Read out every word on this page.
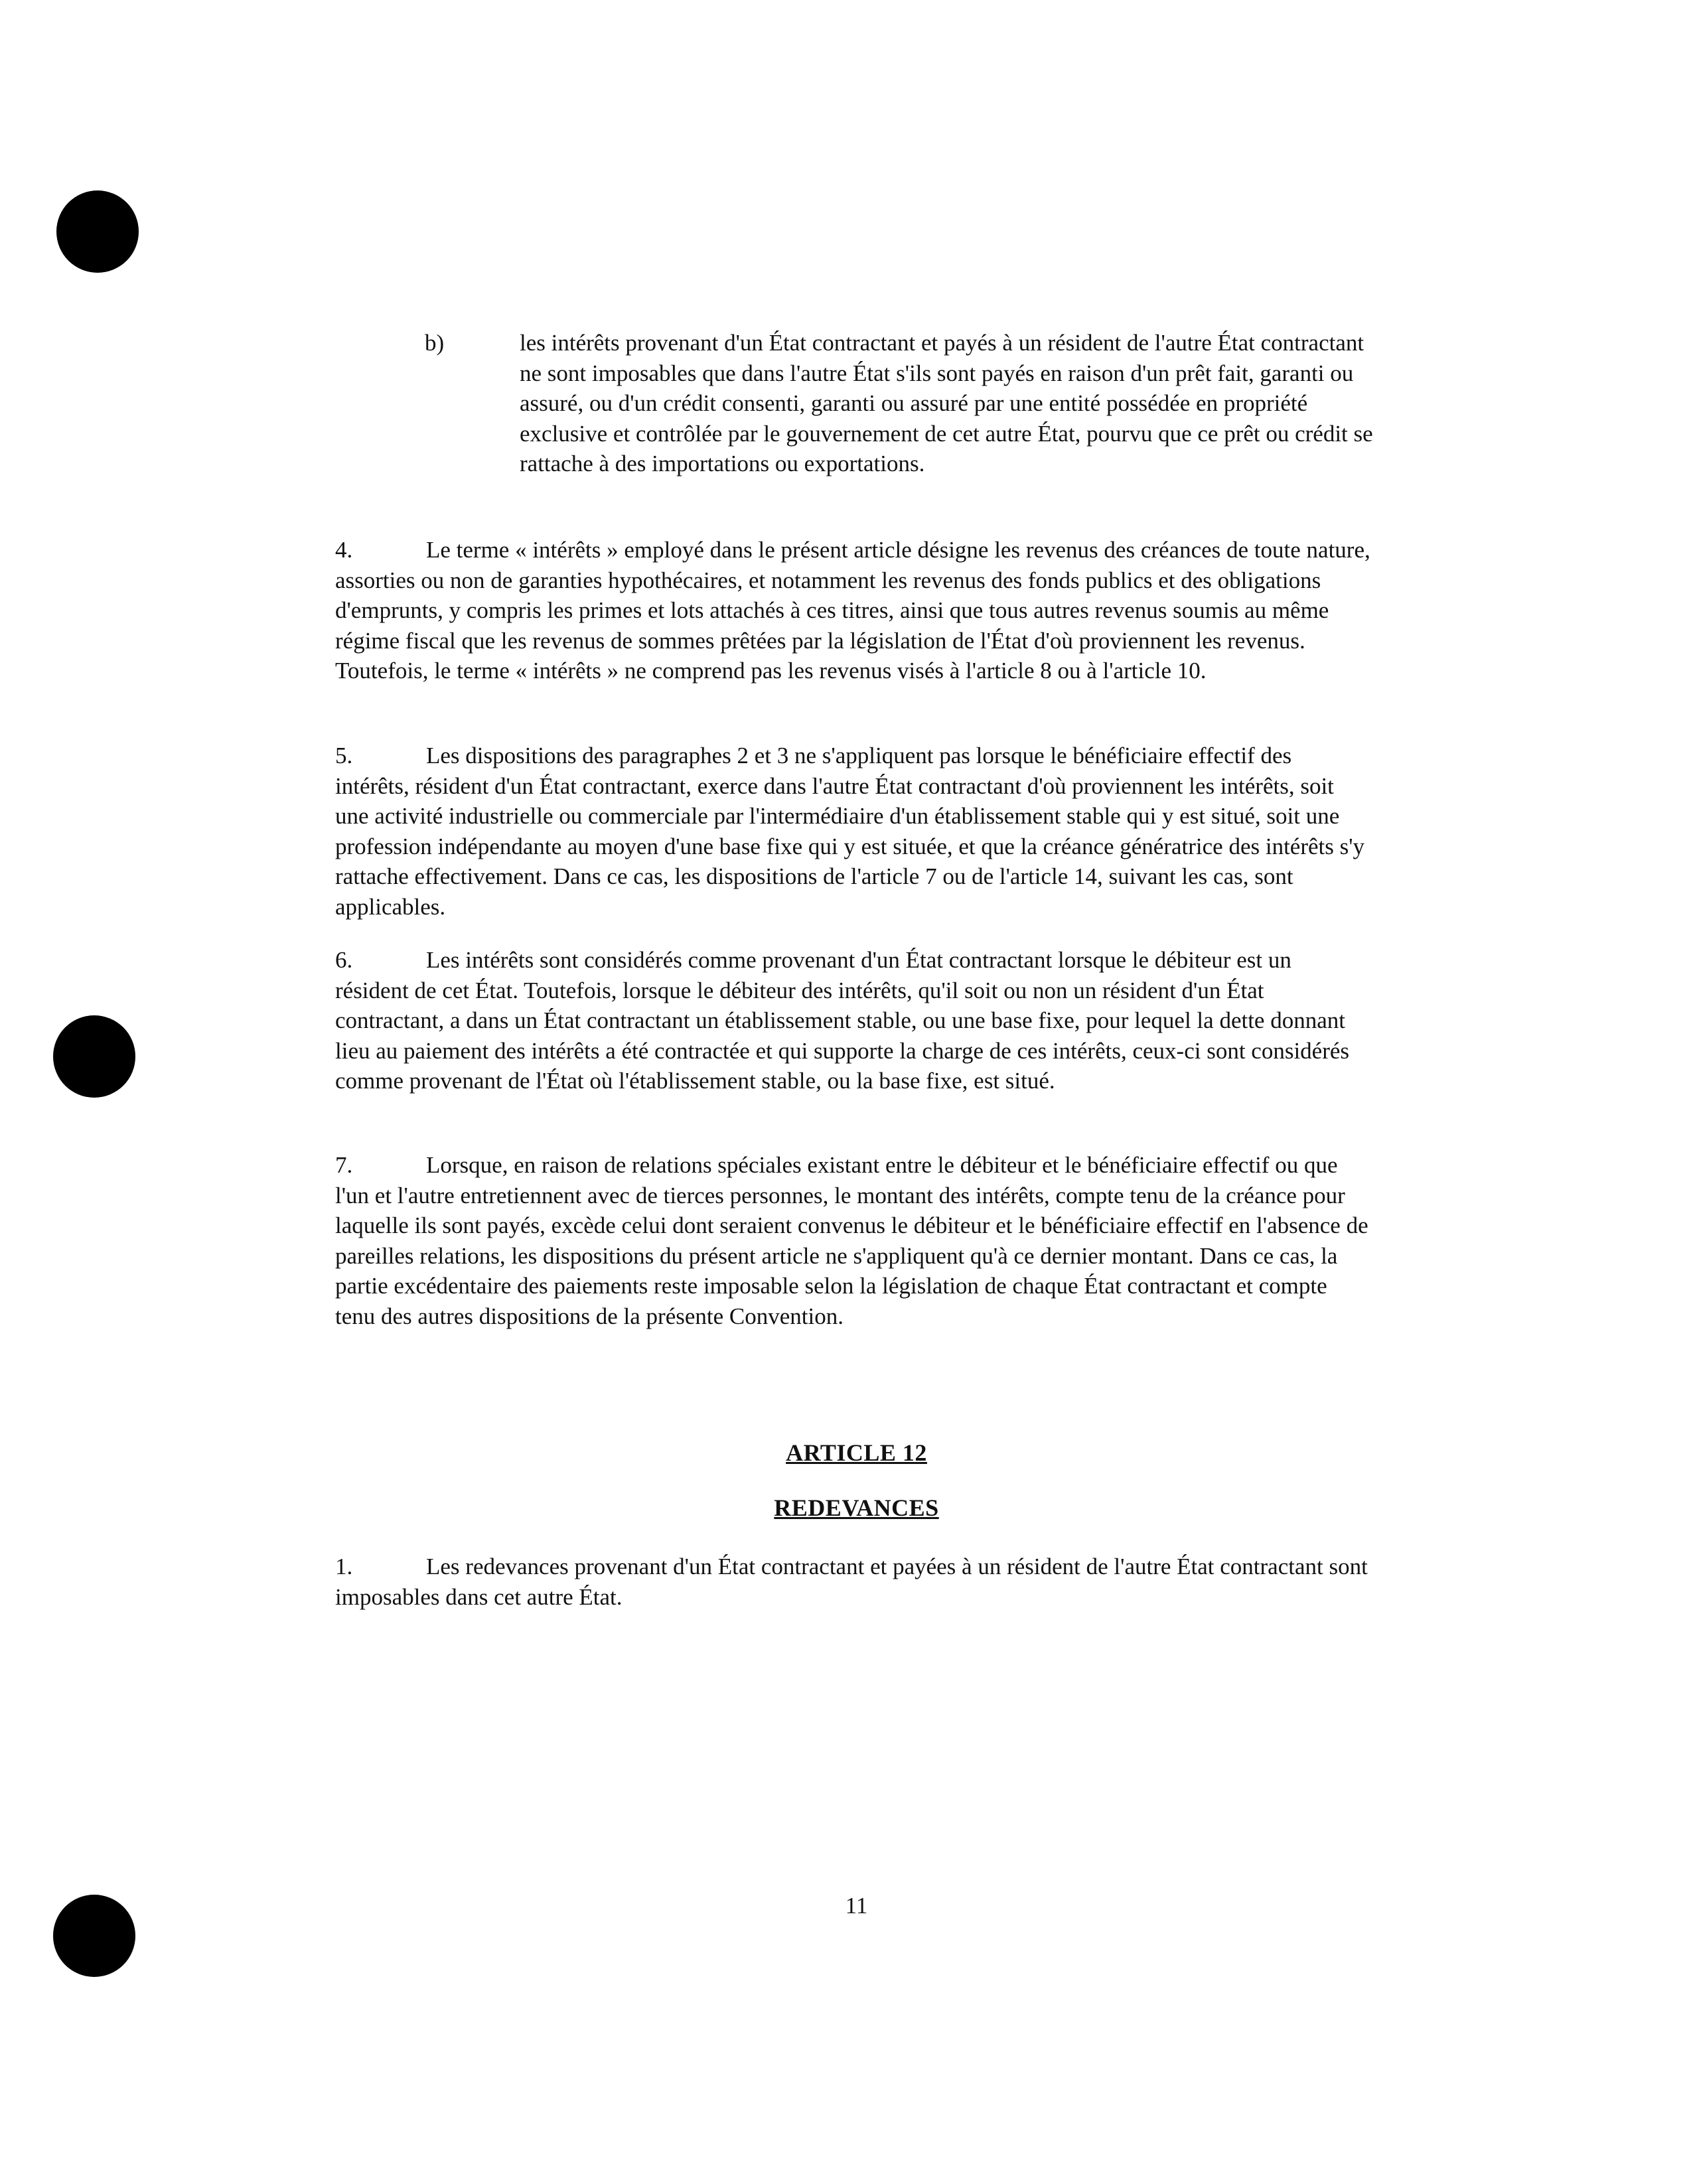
b)	les intérêts provenant d'un État contractant et payés à un résident de l'autre État contractant ne sont imposables que dans l'autre État s'ils sont payés en raison d'un prêt fait, garanti ou assuré, ou d'un crédit consenti, garanti ou assuré par une entité possédée en propriété exclusive et contrôlée par le gouvernement de cet autre État, pourvu que ce prêt ou crédit se rattache à des importations ou exportations.

4.	Le terme « intérêts » employé dans le présent article désigne les revenus des créances de toute nature, assorties ou non de garanties hypothécaires, et notamment les revenus des fonds publics et des obligations d'emprunts, y compris les primes et lots attachés à ces titres, ainsi que tous autres revenus soumis au même régime fiscal que les revenus de sommes prêtées par la législation de l'État d'où proviennent les revenus. Toutefois, le terme « intérêts » ne comprend pas les revenus visés à l'article 8 ou à l'article 10.

5.	Les dispositions des paragraphes 2 et 3 ne s'appliquent pas lorsque le bénéficiaire effectif des intérêts, résident d'un État contractant, exerce dans l'autre État contractant d'où proviennent les intérêts, soit une activité industrielle ou commerciale par l'intermédiaire d'un établissement stable qui y est situé, soit une profession indépendante au moyen d'une base fixe qui y est située, et que la créance génératrice des intérêts s'y rattache effectivement. Dans ce cas, les dispositions de l'article 7 ou de l'article 14, suivant les cas, sont applicables.

6.	Les intérêts sont considérés comme provenant d'un État contractant lorsque le débiteur est un résident de cet État. Toutefois, lorsque le débiteur des intérêts, qu'il soit ou non un résident d'un État contractant, a dans un État contractant un établissement stable, ou une base fixe, pour lequel la dette donnant lieu au paiement des intérêts a été contractée et qui supporte la charge de ces intérêts, ceux-ci sont considérés comme provenant de l'État où l'établissement stable, ou la base fixe, est situé.

7.	Lorsque, en raison de relations spéciales existant entre le débiteur et le bénéficiaire effectif ou que l'un et l'autre entretiennent avec de tierces personnes, le montant des intérêts, compte tenu de la créance pour laquelle ils sont payés, excède celui dont seraient convenus le débiteur et le bénéficiaire effectif en l'absence de pareilles relations, les dispositions du présent article ne s'appliquent qu'à ce dernier montant. Dans ce cas, la partie excédentaire des paiements reste imposable selon la législation de chaque État contractant et compte tenu des autres dispositions de la présente Convention.

ARTICLE 12
REDEVANCES

1.	Les redevances provenant d'un État contractant et payées à un résident de l'autre État contractant sont imposables dans cet autre État.

11
